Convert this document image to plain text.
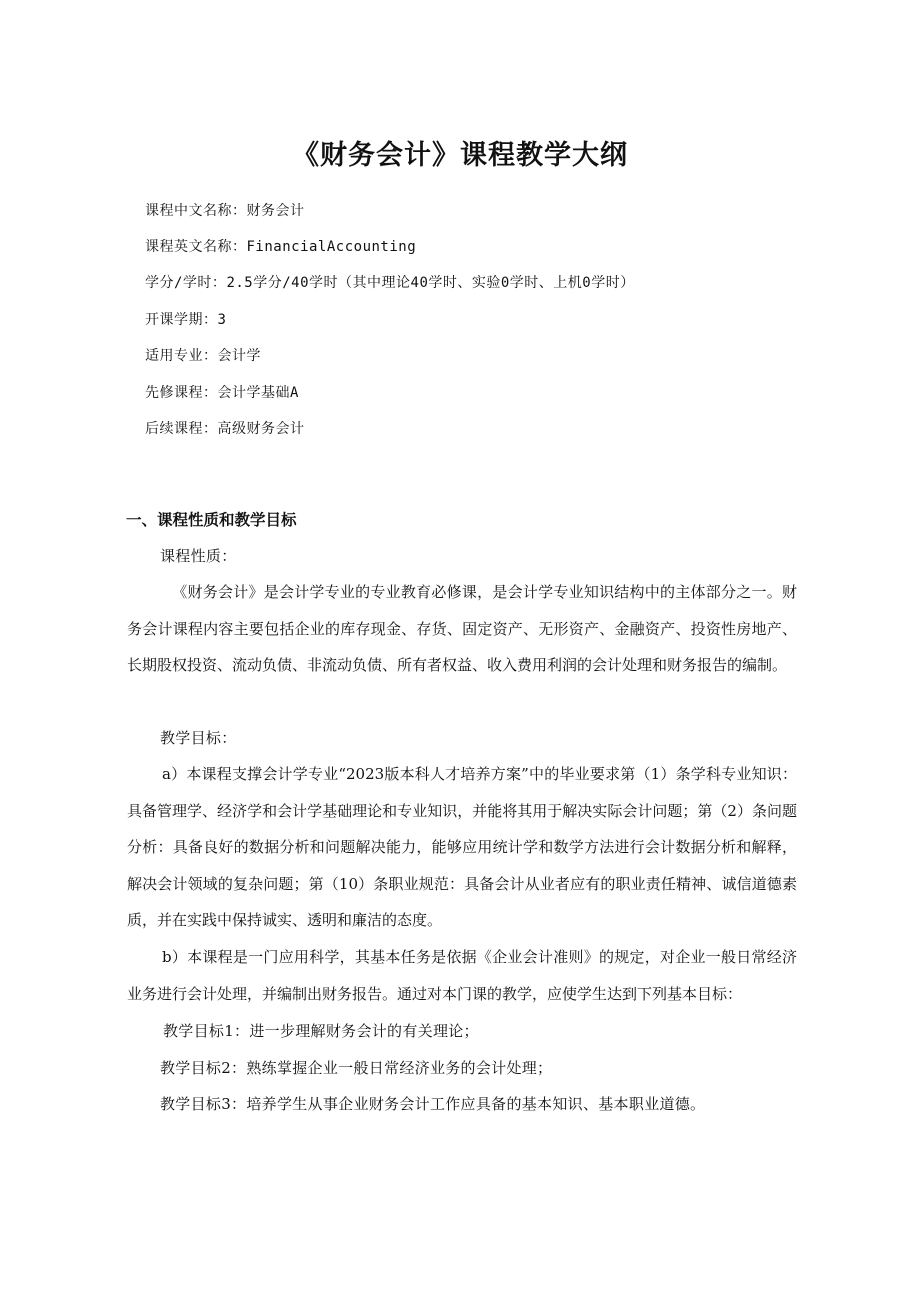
《财务会计》课程教学大纲
课程中文名称：财务会计
课程英文名称：FinancialAccounting
学分/学时：2.5学分/40学时（其中理论40学时、实验0学时、上机0学时）
开课学期：3
适用专业：会计学
先修课程：会计学基础A
后续课程：高级财务会计
一、课程性质和教学目标
课程性质：

《财务会计》是会计学专业的专业教育必修课，是会计学专业知识结构中的主体部分之一。财务会计课程内容主要包括企业的库存现金、存货、固定资产、无形资产、金融资产、投资性房地产、长期股权投资、流动负债、非流动负债、所有者权益、收入费用利润的会计处理和财务报告的编制。

教学目标：

a）本课程支撑会计学专业“2023版本科人才培养方案”中的毕业要求第（1）条学科专业知识：具备管理学、经济学和会计学基础理论和专业知识，并能将其用于解决实际会计问题；第（2）条问题分析：具备良好的数据分析和问题解决能力，能够应用统计学和数学方法进行会计数据分析和解释，解决会计领域的复杂问题；第（10）条职业规范：具备会计从业者应有的职业责任精神、诚信道德素质，并在实践中保持诚实、透明和廉洁的态度。

b）本课程是一门应用科学，其基本任务是依据《企业会计准则》的规定，对企业一般日常经济业务进行会计处理，并编制出财务报告。通过对本门课的教学，应使学生达到下列基本目标：

教学目标1：进一步理解财务会计的有关理论；
教学目标2：熟练掌握企业一般日常经济业务的会计处理；
教学目标3：培养学生从事企业财务会计工作应具备的基本知识、基本职业道德。
